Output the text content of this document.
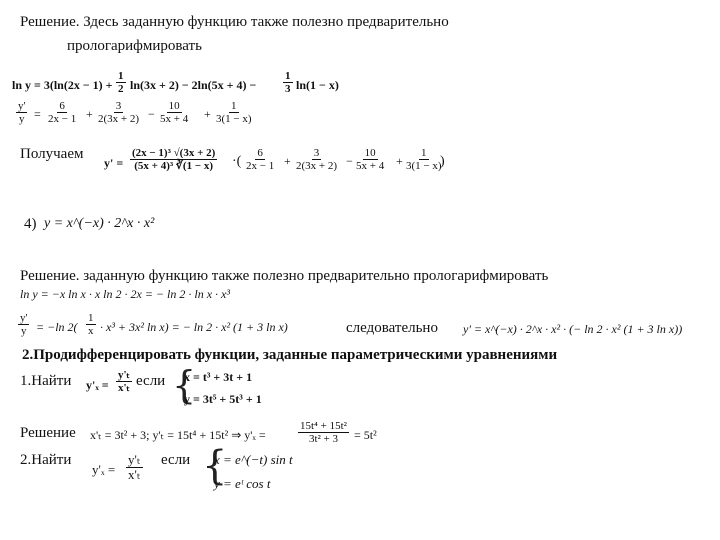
Решение. Здесь заданную функцию также полезно предварительно
прологарифмировать
$\ln y = 3(\ln(2x - 1) + \frac{1}{2} \ln(3x + 2) - 2\ln(5x + 4) - \frac{1}{3} \ln(1 - x)$
$\frac{y'}{y} = \frac{6}{2x - 1} + \frac{3}{2(3x + 2)} - \frac{10}{5x + 4} + \frac{1}{3(1 - x)}$
Получаем
$y' = \frac{\text{(2x − 1)³ √(3x + 2)}}{\text{(5x + 4)³ ∛(1 − x)}}$ ·( $\frac{6}{2x - 1} + \frac{3}{2(3x + 2)} - \frac{10}{5x + 4} + \frac{1}{3(1 - x)}$
)
4) y = x^(−x) · 2^x · x²
Решение. заданную функцию также полезно предварительно прологарифмировать
ln y = −x ln x · x ln 2 · 2x = − ln 2 · ln x · x³
$\frac{y'}{y} = -\ln$ $2( \frac{1}{x} \cdot x^3 + 3x^2$ ln x) = − ln 2 · x² (1 + 3 ln x)	следовательно y' = x^(−x) · 2^x · x² · (− ln 2 · x² (1 + 3 ln x))
2.Продифференцировать функции, заданные параметрическими уравнениями
1.Найти $y'_x = \frac{\text{y'ₜ}}{\text{x'ₜ}}$ если {
x = t³ + 3t + 1
y = 3t⁵ + 5t³ + 1
Решение x'ₜ = 3t² + 3; y'ₜ = 15t⁴ + 15t² ⇒ y'ₓ =	$\frac{\text{15t⁴ + 15t²}}{\text{3t² + 3}} = 5t^2$
2.Найти
$y'_x = \frac{\text{y'ₜ}}{\text{x'ₜ}}$ если {
x = e^(−t) sin t
y = eᵗ cos t
